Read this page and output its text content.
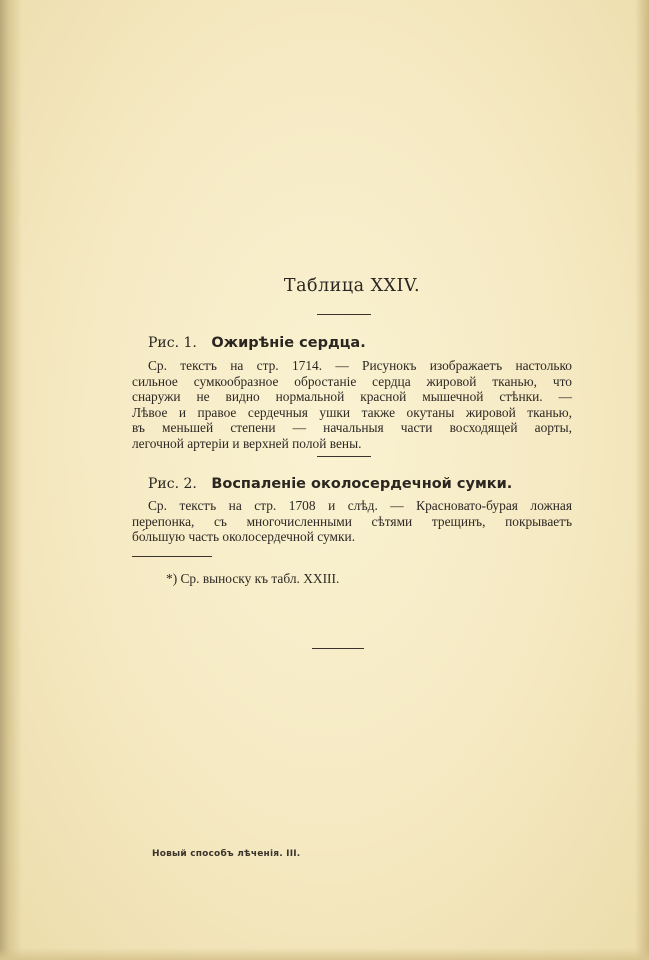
Таблица XXIV.
Рис. 1. Ожирѣніе сердца.
Ср. текстъ на стр. 1714. — Рисунокъ изображаетъ настолько
сильное сумкообразное обростаніе сердца жировой тканью, что
снаружи не видно нормальной красной мышечной стѣнки. —
Лѣвое и правое сердечныя ушки также окутаны жировой тканью,
въ меньшей степени — начальныя части восходящей аорты,
легочной артеріи и верхней полой вены.
Рис. 2. Воспаленіе околосердечной сумки.
Ср. текстъ на стр. 1708 и слѣд. — Красновато-бурая ложная
перепонка, съ многочисленными сѣтями трещинъ, покрываетъ
бо́льшую часть околосердечной сумки.
*) Ср. выноску къ табл. XXIII.
Новый способъ лѣченія. III.
